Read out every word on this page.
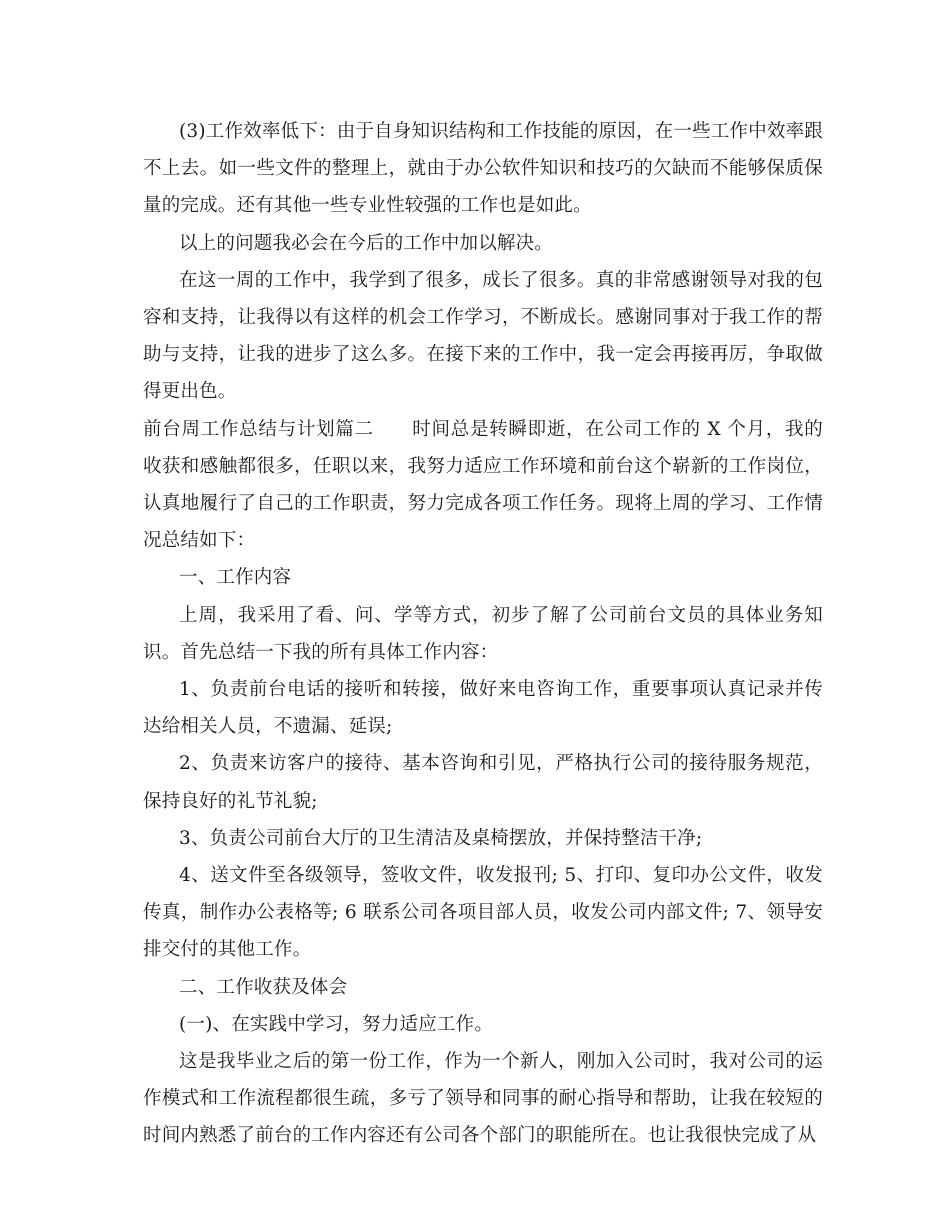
(3)工作效率低下：由于自身知识结构和工作技能的原因，在一些工作中效率跟不上去。如一些文件的整理上，就由于办公软件知识和技巧的欠缺而不能够保质保量的完成。还有其他一些专业性较强的工作也是如此。

以上的问题我必会在今后的工作中加以解决。

在这一周的工作中，我学到了很多，成长了很多。真的非常感谢领导对我的包容和支持，让我得以有这样的机会工作学习，不断成长。感谢同事对于我工作的帮助与支持，让我的进步了这么多。在接下来的工作中，我一定会再接再厉，争取做得更出色。

前台周工作总结与计划篇二　　时间总是转瞬即逝，在公司工作的 X 个月，我的收获和感触都很多，任职以来，我努力适应工作环境和前台这个崭新的工作岗位，认真地履行了自己的工作职责，努力完成各项工作任务。现将上周的学习、工作情况总结如下：

一、工作内容

上周，我采用了看、问、学等方式，初步了解了公司前台文员的具体业务知识。首先总结一下我的所有具体工作内容：

1、负责前台电话的接听和转接，做好来电咨询工作，重要事项认真记录并传达给相关人员，不遗漏、延误;

2、负责来访客户的接待、基本咨询和引见，严格执行公司的接待服务规范，保持良好的礼节礼貌;

3、负责公司前台大厅的卫生清洁及桌椅摆放，并保持整洁干净;

4、送文件至各级领导，签收文件，收发报刊; 5、打印、复印办公文件，收发传真，制作办公表格等; 6 联系公司各项目部人员，收发公司内部文件; 7、领导安排交付的其他工作。

二、工作收获及体会

(一)、在实践中学习，努力适应工作。

这是我毕业之后的第一份工作，作为一个新人，刚加入公司时，我对公司的运作模式和工作流程都很生疏，多亏了领导和同事的耐心指导和帮助，让我在较短的时间内熟悉了前台的工作内容还有公司各个部门的职能所在。也让我很快完成了从
